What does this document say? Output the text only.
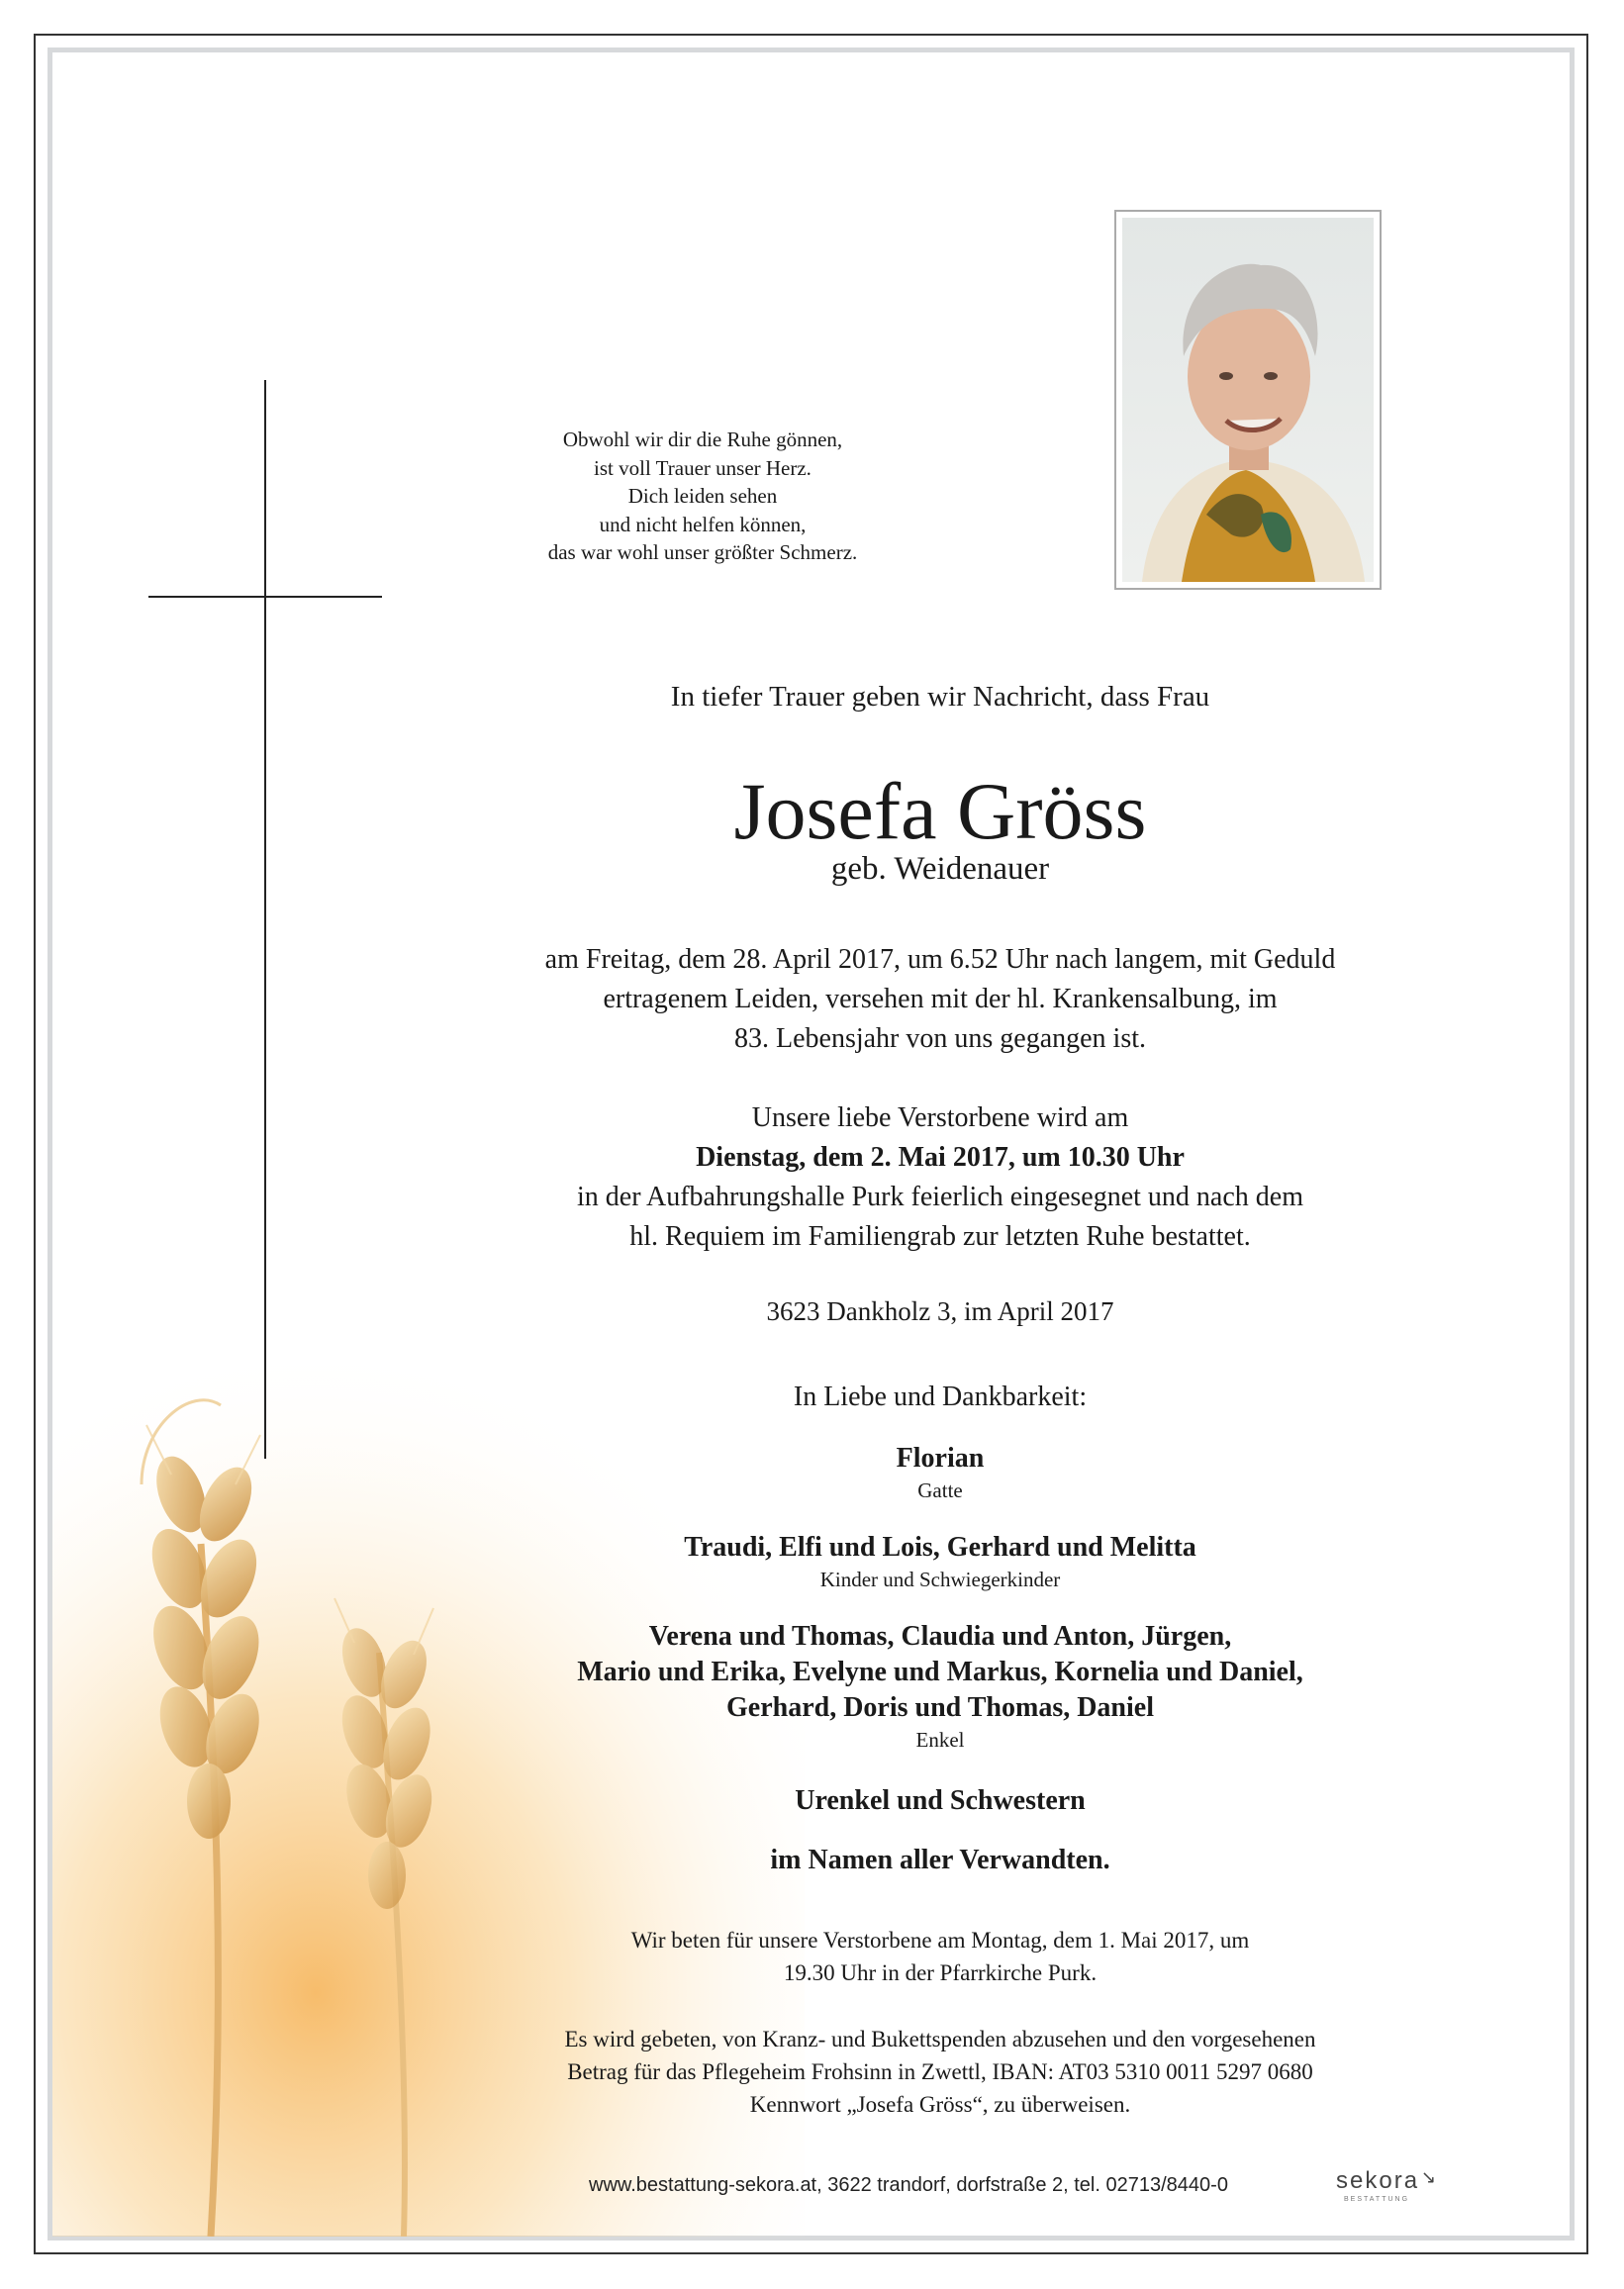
Obwohl wir dir die Ruhe gönnen,
ist voll Trauer unser Herz.
Dich leiden sehen
und nicht helfen können,
das war wohl unser größter Schmerz.
In tiefer Trauer geben wir Nachricht, dass Frau
Josefa Gröss
geb. Weidenauer
am Freitag, dem 28. April 2017, um 6.52 Uhr nach langem, mit Geduld
ertragenem Leiden, versehen mit der hl. Krankensalbung, im
83. Lebensjahr von uns gegangen ist.
Unsere liebe Verstorbene wird am
Dienstag, dem 2. Mai 2017, um 10.30 Uhr
in der Aufbahrungshalle Purk feierlich eingesegnet und nach dem
hl. Requiem im Familiengrab zur letzten Ruhe bestattet.
3623 Dankholz 3, im April 2017
In Liebe und Dankbarkeit:
Florian
Gatte
Traudi, Elfi und Lois, Gerhard und Melitta
Kinder und Schwiegerkinder
Verena und Thomas, Claudia und Anton, Jürgen,
Mario und Erika, Evelyne und Markus, Kornelia und Daniel,
Gerhard, Doris und Thomas, Daniel
Enkel
Urenkel und Schwestern
im Namen aller Verwandten.
Wir beten für unsere Verstorbene am Montag, dem 1. Mai 2017, um
19.30 Uhr in der Pfarrkirche Purk.
Es wird gebeten, von Kranz- und Bukettspenden abzusehen und den vorgesehenen
Betrag für das Pflegeheim Frohsinn in Zwettl, IBAN: AT03 5310 0011 5297 0680
Kennwort „Josefa Gröss“, zu überweisen.
www.bestattung-sekora.at, 3622 trandorf, dorfstraße 2, tel. 02713/8440-0	sekora ↘
BESTATTUNG
